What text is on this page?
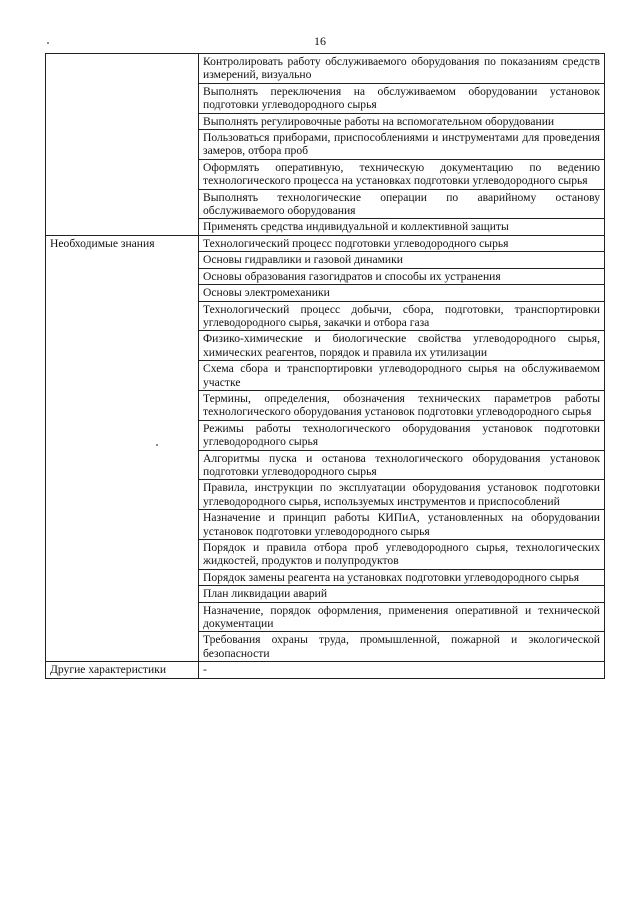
16
	Контролировать работу обслуживаемого оборудования по показаниям средств измерений, визуально
	Выполнять переключения на обслуживаемом оборудовании установок подготовки углеводородного сырья
	Выполнять регулировочные работы на вспомогательном оборудовании
	Пользоваться приборами, приспособлениями и инструментами для проведения замеров, отбора проб
	Оформлять оперативную, техническую документацию по ведению технологического процесса на установках подготовки углеводородного сырья
	Выполнять технологические операции по аварийному останову обслуживаемого оборудования
	Применять средства индивидуальной и коллективной защиты
Необходимые знания	Технологический процесс подготовки углеводородного сырья
	Основы гидравлики и газовой динамики
	Основы образования газогидратов и способы их устранения
	Основы электромеханики
	Технологический процесс добычи, сбора, подготовки, транспортировки углеводородного сырья, закачки и отбора газа
	Физико-химические и биологические свойства углеводородного сырья, химических реагентов, порядок и правила их утилизации
	Схема сбора и транспортировки углеводородного сырья на обслуживаемом участке
	Термины, определения, обозначения технических параметров работы технологического оборудования установок подготовки углеводородного сырья
	Режимы работы технологического оборудования установок подготовки углеводородного сырья
	Алгоритмы пуска и останова технологического оборудования установок подготовки углеводородного сырья
	Правила, инструкции по эксплуатации оборудования установок подготовки углеводородного сырья, используемых инструментов и приспособлений
	Назначение и принцип работы КИПиА, установленных на оборудовании установок подготовки углеводородного сырья
	Порядок и правила отбора проб углеводородного сырья, технологических жидкостей, продуктов и полупродуктов
	Порядок замены реагента на установках подготовки углеводородного сырья
	План ликвидации аварий
	Назначение, порядок оформления, применения оперативной и технической документации
	Требования охраны труда, промышленной, пожарной и экологической безопасности
Другие характеристики	-
